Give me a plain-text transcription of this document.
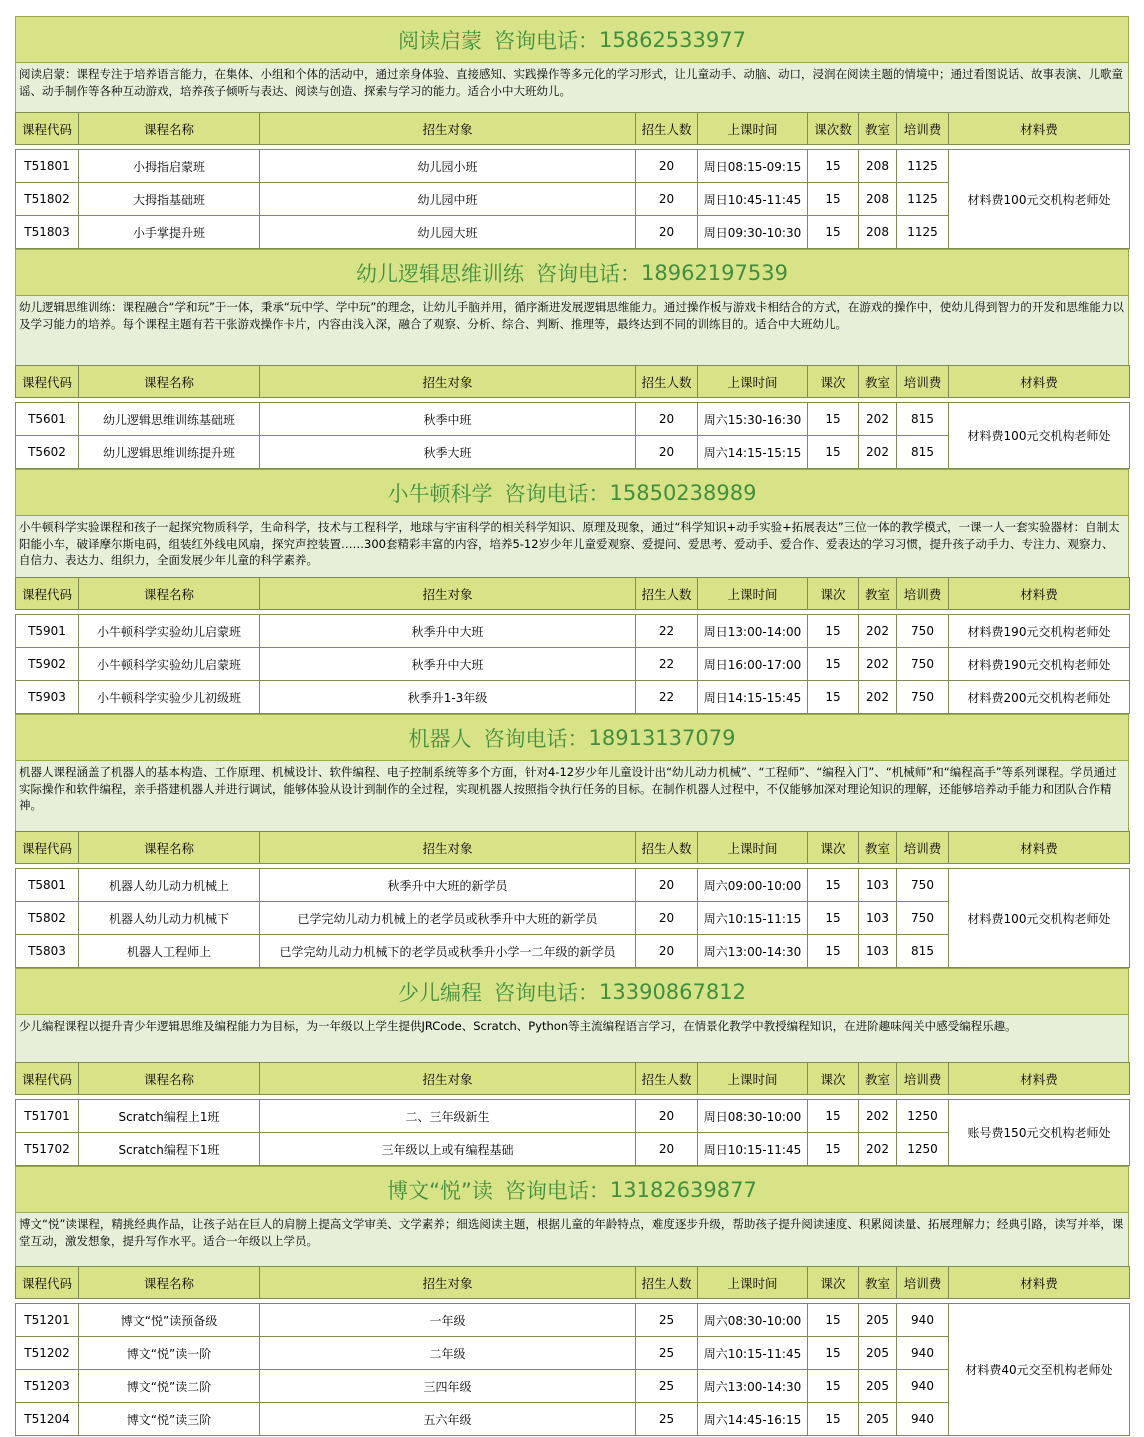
阅读启蒙 咨询电话： 15862533977
阅读启蒙：课程专注于培养语言能力，在集体、小组和个体的活动中，通过亲身体验、直接感知、实践操作等多元化的学习形式，让儿童动手、动脑、动口，浸润在阅读主题的情境中；通过看图说话、故事表演、儿歌童谣、动手制作等各种互动游戏，培养孩子倾听与表达、阅读与创造、探索与学习的能力。适合小中大班幼儿。
课程代码	课程名称	招生对象	招生人数	上课时间	课次数	教室	培训费	材料费

T51801	小拇指启蒙班	幼儿园小班	20	周日08:15-09:15	15	208	1125	材料费100元交机构老师处
T51802	大拇指基础班	幼儿园中班	20	周日10:45-11:45	15	208	1125	
T51803	小手掌提升班	幼儿园大班	20	周日09:30-10:30	15	208	1125	
幼儿逻辑思维训练 咨询电话： 18962197539
幼儿逻辑思维训练：课程融合“学和玩”于一体，秉承“玩中学、学中玩”的理念，让幼儿手脑并用，循序渐进发展逻辑思维能力。通过操作板与游戏卡相结合的方式，在游戏的操作中，使幼儿得到智力的开发和思维能力以及学习能力的培养。每个课程主题有若干张游戏操作卡片，内容由浅入深，融合了观察、分析、综合、判断、推理等，最终达到不同的训练目的。适合中大班幼儿。
课程代码	课程名称	招生对象	招生人数	上课时间	课次	教室	培训费	材料费

T5601	幼儿逻辑思维训练基础班	秋季中班	20	周六15:30-16:30	15	202	815	材料费100元交机构老师处
T5602	幼儿逻辑思维训练提升班	秋季大班	20	周六14:15-15:15	15	202	815	
小牛顿科学 咨询电话： 15850238989
小牛顿科学实验课程和孩子一起探究物质科学，生命科学，技术与工程科学，地球与宇宙科学的相关科学知识、原理及现象，通过“科学知识+动手实验+拓展表达”三位一体的教学模式，一课一人一套实验器材：自制太阳能小车，破译摩尔斯电码，组装红外线电风扇，探究声控装置……300套精彩丰富的内容，培养5-12岁少年儿童爱观察、爱提问、爱思考、爱动手、爱合作、爱表达的学习习惯，提升孩子动手力、专注力、观察力、自信力、表达力、组织力，全面发展少年儿童的科学素养。
课程代码	课程名称	招生对象	招生人数	上课时间	课次	教室	培训费	材料费

T5901	小牛顿科学实验幼儿启蒙班	秋季升中大班	22	周日13:00-14:00	15	202	750	材料费190元交机构老师处
T5902	小牛顿科学实验幼儿启蒙班	秋季升中大班	22	周日16:00-17:00	15	202	750	材料费190元交机构老师处
T5903	小牛顿科学实验少儿初级班	秋季升1-3年级	22	周日14:15-15:45	15	202	750	材料费200元交机构老师处
机器人 咨询电话： 18913137079
机器人课程涵盖了机器人的基本构造、工作原理、机械设计、软件编程、电子控制系统等多个方面，针对4-12岁少年儿童设计出“幼儿动力机械”、“工程师”、“编程入门”、“机械师”和“编程高手”等系列课程。学员通过实际操作和软件编程，亲手搭建机器人并进行调试，能够体验从设计到制作的全过程，实现机器人按照指令执行任务的目标。在制作机器人过程中，不仅能够加深对理论知识的理解，还能够培养动手能力和团队合作精神。
课程代码	课程名称	招生对象	招生人数	上课时间	课次	教室	培训费	材料费

T5801	机器人幼儿动力机械上	秋季升中大班的新学员	20	周六09:00-10:00	15	103	750	材料费100元交机构老师处
T5802	机器人幼儿动力机械下	已学完幼儿动力机械上的老学员或秋季升中大班的新学员	20	周六10:15-11:15	15	103	750	
T5803	机器人工程师上	已学完幼儿动力机械下的老学员或秋季升小学一二年级的新学员	20	周六13:00-14:30	15	103	815	
少儿编程 咨询电话： 13390867812
少儿编程课程以提升青少年逻辑思维及编程能力为目标，为一年级以上学生提供JRCode、Scratch、Python等主流编程语言学习，在情景化教学中教授编程知识，在进阶趣味闯关中感受编程乐趣。
课程代码	课程名称	招生对象	招生人数	上课时间	课次	教室	培训费	材料费

T51701	Scratch编程上1班	二、三年级新生	20	周日08:30-10:00	15	202	1250	账号费150元交机构老师处
T51702	Scratch编程下1班	三年级以上或有编程基础	20	周日10:15-11:45	15	202	1250	
博文“悦”读 咨询电话： 13182639877
博文“悦”读课程，精挑经典作品，让孩子站在巨人的肩膀上提高文学审美、文学素养；细选阅读主题，根据儿童的年龄特点，难度逐步升级，帮助孩子提升阅读速度、积累阅读量、拓展理解力；经典引路，读写并举，课堂互动，激发想象，提升写作水平。适合一年级以上学员。
课程代码	课程名称	招生对象	招生人数	上课时间	课次	教室	培训费	材料费

T51201	博文“悦”读预备级	一年级	25	周六08:30-10:00	15	205	940	材料费40元交至机构老师处
T51202	博文“悦”读一阶	二年级	25	周六10:15-11:45	15	205	940	
T51203	博文“悦”读二阶	三四年级	25	周六13:00-14:30	15	205	940	
T51204	博文“悦”读三阶	五六年级	25	周六14:45-16:15	15	205	940	
